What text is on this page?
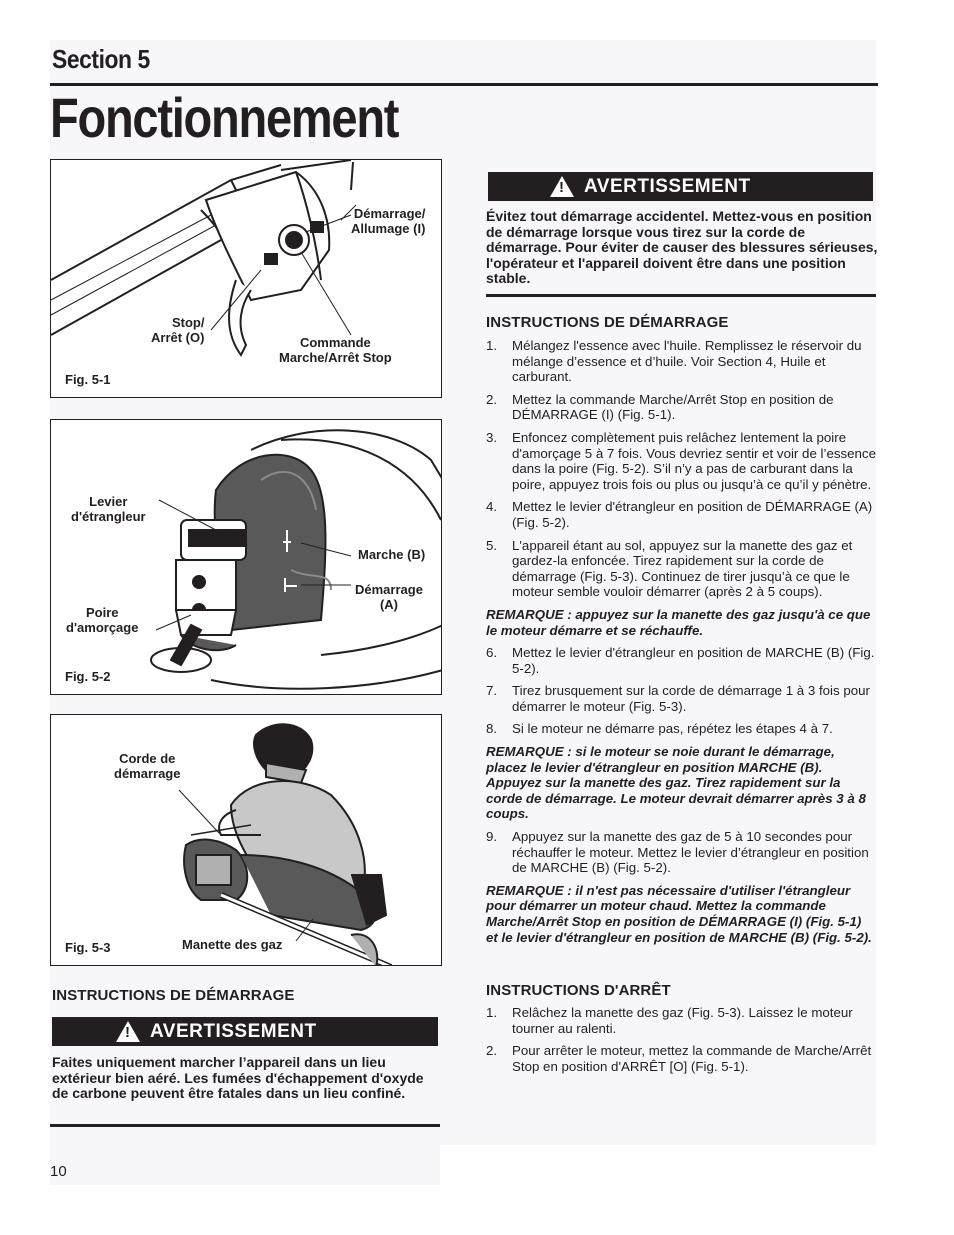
Section 5
Fonctionnement
Démarrage/
Allumage (I)
Stop/
Arrêt (O)	Commande
Marche/Arrêt Stop
Fig. 5-1
Levier
d'étrangleur
Marche (B)
Démarrage
(A)
Poire
d'amorçage
Fig. 5-2
Corde de
démarrage
Manette des gaz
Fig. 5-3
INSTRUCTIONS DE DÉMARRAGE
! AVERTISSEMENT
Faites uniquement marcher l’appareil dans un lieu extérieur bien aéré. Les fumées d'échappement d'oxyde de carbone peuvent être fatales dans un lieu confiné.
! AVERTISSEMENT
Évitez tout démarrage accidentel. Mettez-vous en position de démarrage lorsque vous tirez sur la corde de démarrage. Pour éviter de causer des blessures sérieuses, l'opérateur et l'appareil doivent être dans une position stable.
INSTRUCTIONS DE DÉMARRAGE
1.	Mélangez l'essence avec l'huile. Remplissez le réservoir du mélange d’essence et d’huile. Voir Section 4, Huile et carburant.
2.	Mettez la commande Marche/Arrêt Stop en position de DÉMARRAGE (I) (Fig. 5-1).
3.	Enfoncez complètement puis relâchez lentement la poire d'amorçage 5 à 7 fois. Vous devriez sentir et voir de l’essence dans la poire (Fig. 5-2). S’il n’y a pas de carburant dans la poire, appuyez trois fois ou plus ou jusqu’à ce qu’il y pénètre.
4.	Mettez le levier d'étrangleur en position de DÉMARRAGE (A) (Fig. 5-2).
5.	L'appareil étant au sol, appuyez sur la manette des gaz et gardez-la enfoncée. Tirez rapidement sur la corde de démarrage (Fig. 5-3). Continuez de tirer jusqu’à ce que le moteur semble vouloir démarrer (après 2 à 5 coups).
REMARQUE : appuyez sur la manette des gaz jusqu'à ce que le moteur démarre et se réchauffe.
6.	Mettez le levier d'étrangleur en position de MARCHE (B) (Fig. 5-2).
7.	Tirez brusquement sur la corde de démarrage 1 à 3 fois pour démarrer le moteur (Fig. 5-3).
8.	Si le moteur ne démarre pas, répétez les étapes 4 à 7.
REMARQUE : si le moteur se noie durant le démarrage, placez le levier d'étrangleur en position MARCHE (B). Appuyez sur la manette des gaz. Tirez rapidement sur la corde de démarrage. Le moteur devrait démarrer après 3 à 8 coups.
9.	Appuyez sur la manette des gaz de 5 à 10 secondes pour réchauffer le moteur. Mettez le levier d’étrangleur en position de MARCHE (B) (Fig. 5-2).
REMARQUE : il n'est pas nécessaire d'utiliser l'étrangleur pour démarrer un moteur chaud. Mettez la commande Marche/Arrêt Stop en position de DÉMARRAGE (I) (Fig. 5-1) et le levier d'étrangleur en position de MARCHE (B) (Fig. 5-2).
INSTRUCTIONS D'ARRÊT
1.	Relâchez la manette des gaz (Fig. 5-3). Laissez le moteur tourner au ralenti.
2.	Pour arrêter le moteur, mettez la commande de Marche/Arrêt Stop en position d'ARRÊT [O] (Fig. 5-1).
10
